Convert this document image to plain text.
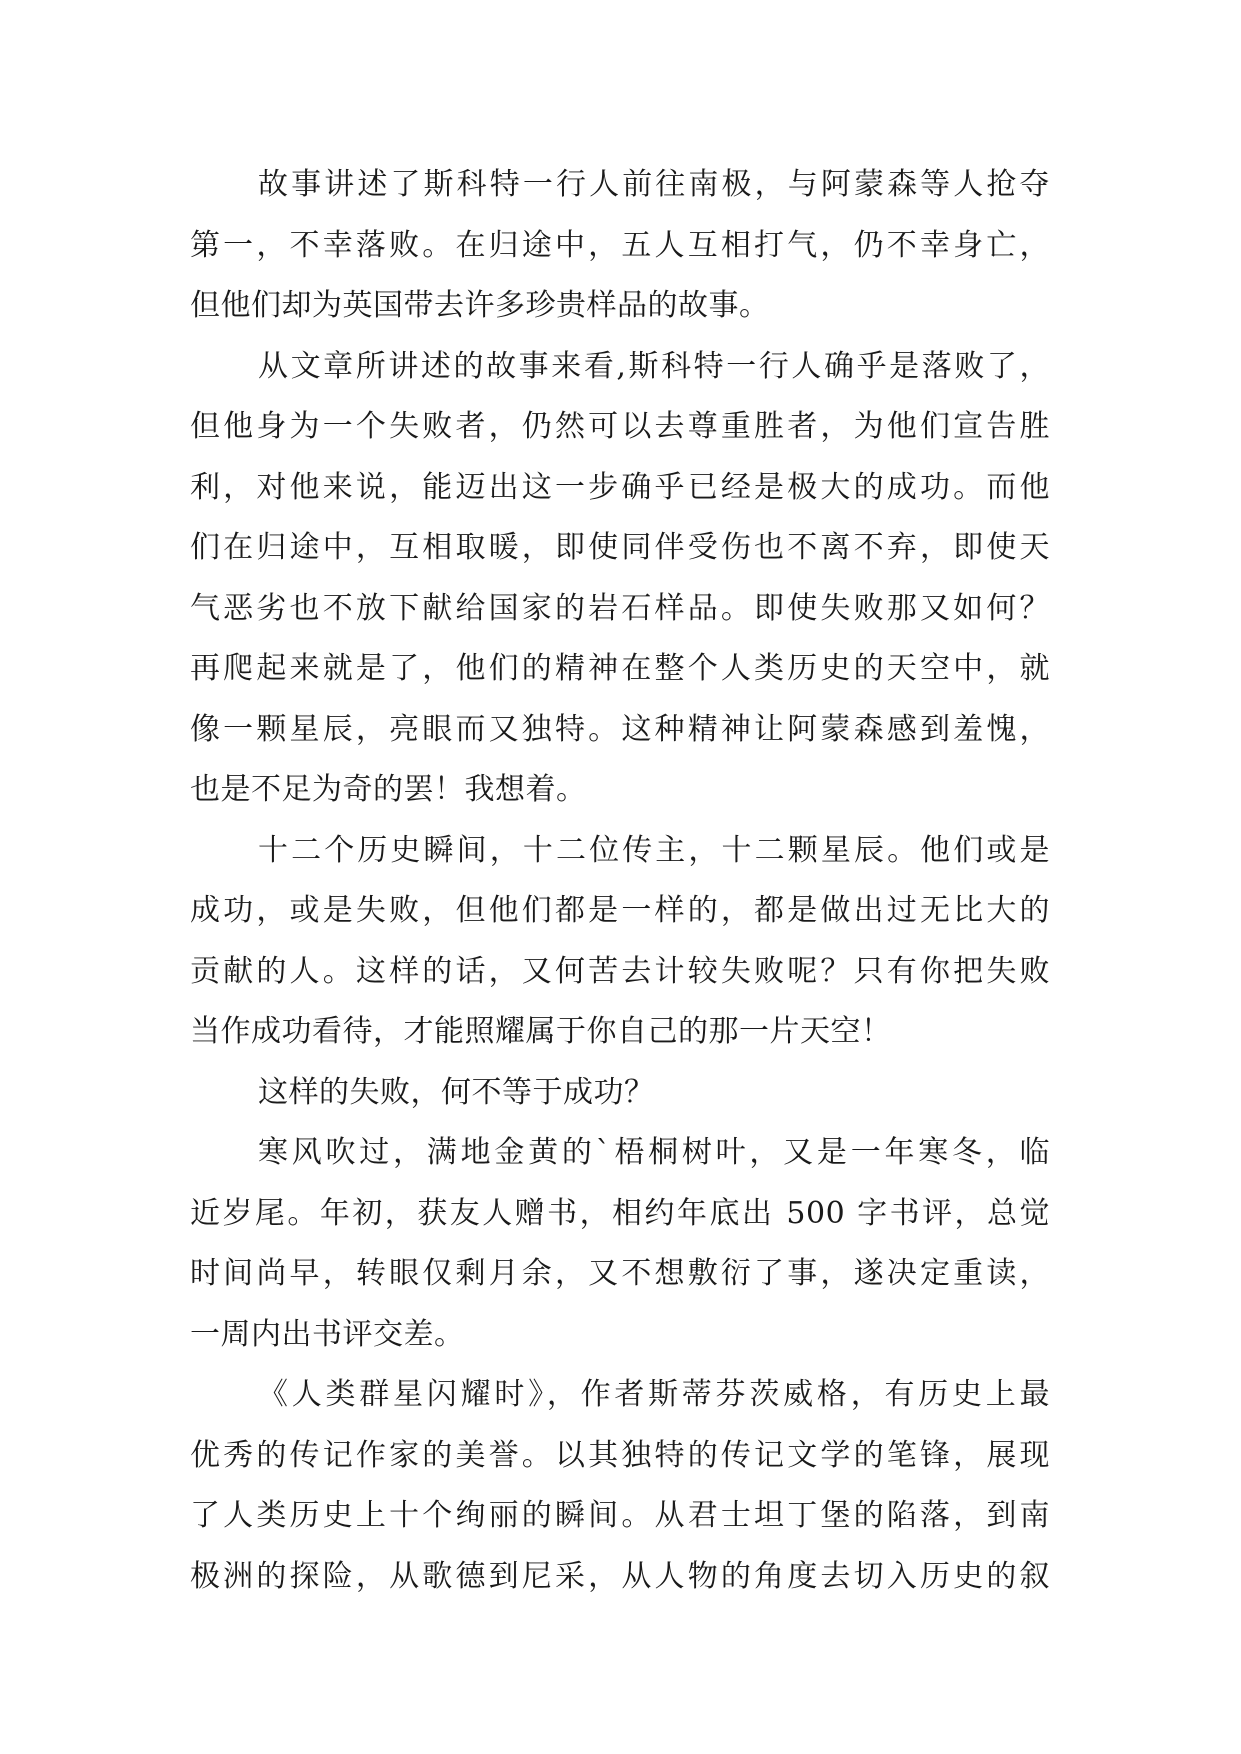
故事讲述了斯科特一行人前往南极，与阿蒙森等人抢夺
第一，不幸落败。在归途中，五人互相打气，仍不幸身亡，
但他们却为英国带去许多珍贵样品的故事。
从文章所讲述的故事来看,斯科特一行人确乎是落败了，
但他身为一个失败者，仍然可以去尊重胜者，为他们宣告胜
利，对他来说，能迈出这一步确乎已经是极大的成功。而他
们在归途中，互相取暖，即使同伴受伤也不离不弃，即使天
气恶劣也不放下献给国家的岩石样品。即使失败那又如何？
再爬起来就是了，他们的精神在整个人类历史的天空中，就
像一颗星辰，亮眼而又独特。这种精神让阿蒙森感到羞愧，
也是不足为奇的罢！我想着。
十二个历史瞬间，十二位传主，十二颗星辰。他们或是
成功，或是失败，但他们都是一样的，都是做出过无比大的
贡献的人。这样的话，又何苦去计较失败呢？只有你把失败
当作成功看待，才能照耀属于你自己的那一片天空！
这样的失败，何不等于成功？
寒风吹过，满地金黄的`梧桐树叶，又是一年寒冬，临
近岁尾。年初，获友人赠书，相约年底出 500 字书评，总觉
时间尚早，转眼仅剩月余，又不想敷衍了事，遂决定重读，
一周内出书评交差。
《人类群星闪耀时》，作者斯蒂芬茨威格，有历史上最
优秀的传记作家的美誉。以其独特的传记文学的笔锋，展现
了人类历史上十个绚丽的瞬间。从君士坦丁堡的陷落，到南
极洲的探险，从歌德到尼采，从人物的角度去切入历史的叙
